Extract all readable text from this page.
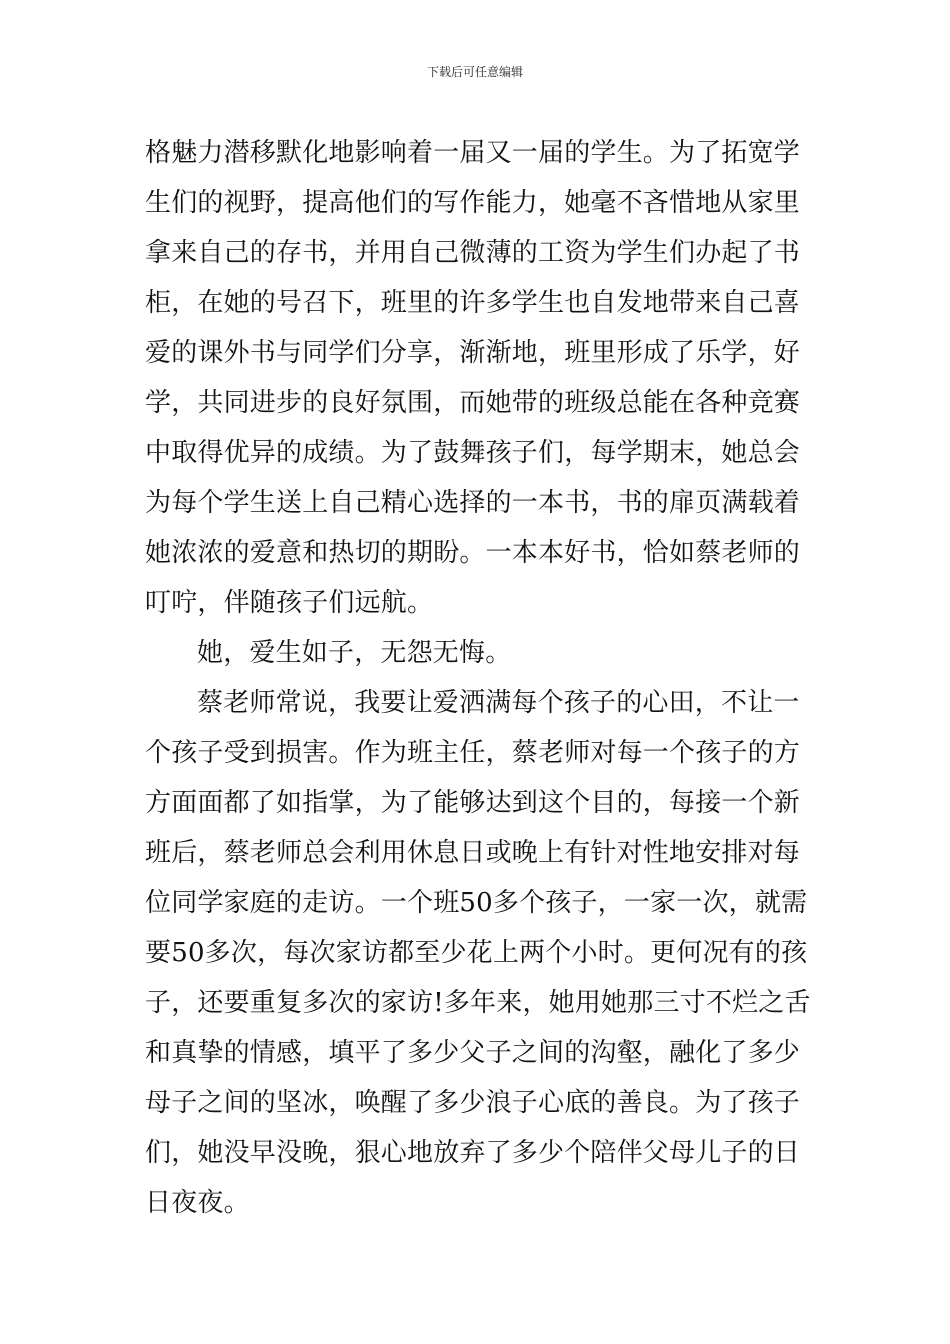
下载后可任意编辑
格魅力潜移默化地影响着一届又一届的学生。为了拓宽学
生们的视野，提高他们的写作能力，她毫不吝惜地从家里
拿来自己的存书，并用自己微薄的工资为学生们办起了书
柜，在她的号召下，班里的许多学生也自发地带来自己喜
爱的课外书与同学们分享，渐渐地，班里形成了乐学，好
学，共同进步的良好氛围，而她带的班级总能在各种竞赛
中取得优异的成绩。为了鼓舞孩子们，每学期末，她总会
为每个学生送上自己精心选择的一本书，书的扉页满载着
她浓浓的爱意和热切的期盼。一本本好书，恰如蔡老师的
叮咛，伴随孩子们远航。
她，爱生如子，无怨无悔。
蔡老师常说，我要让爱洒满每个孩子的心田，不让一
个孩子受到损害。作为班主任，蔡老师对每一个孩子的方
方面面都了如指掌，为了能够达到这个目的，每接一个新
班后，蔡老师总会利用休息日或晚上有针对性地安排对每
位同学家庭的走访。一个班50多个孩子，一家一次，就需
要50多次，每次家访都至少花上两个小时。更何况有的孩
子，还要重复多次的家访!多年来，她用她那三寸不烂之舌
和真挚的情感，填平了多少父子之间的沟壑，融化了多少
母子之间的坚冰，唤醒了多少浪子心底的善良。为了孩子
们，她没早没晚，狠心地放弃了多少个陪伴父母儿子的日
日夜夜。
